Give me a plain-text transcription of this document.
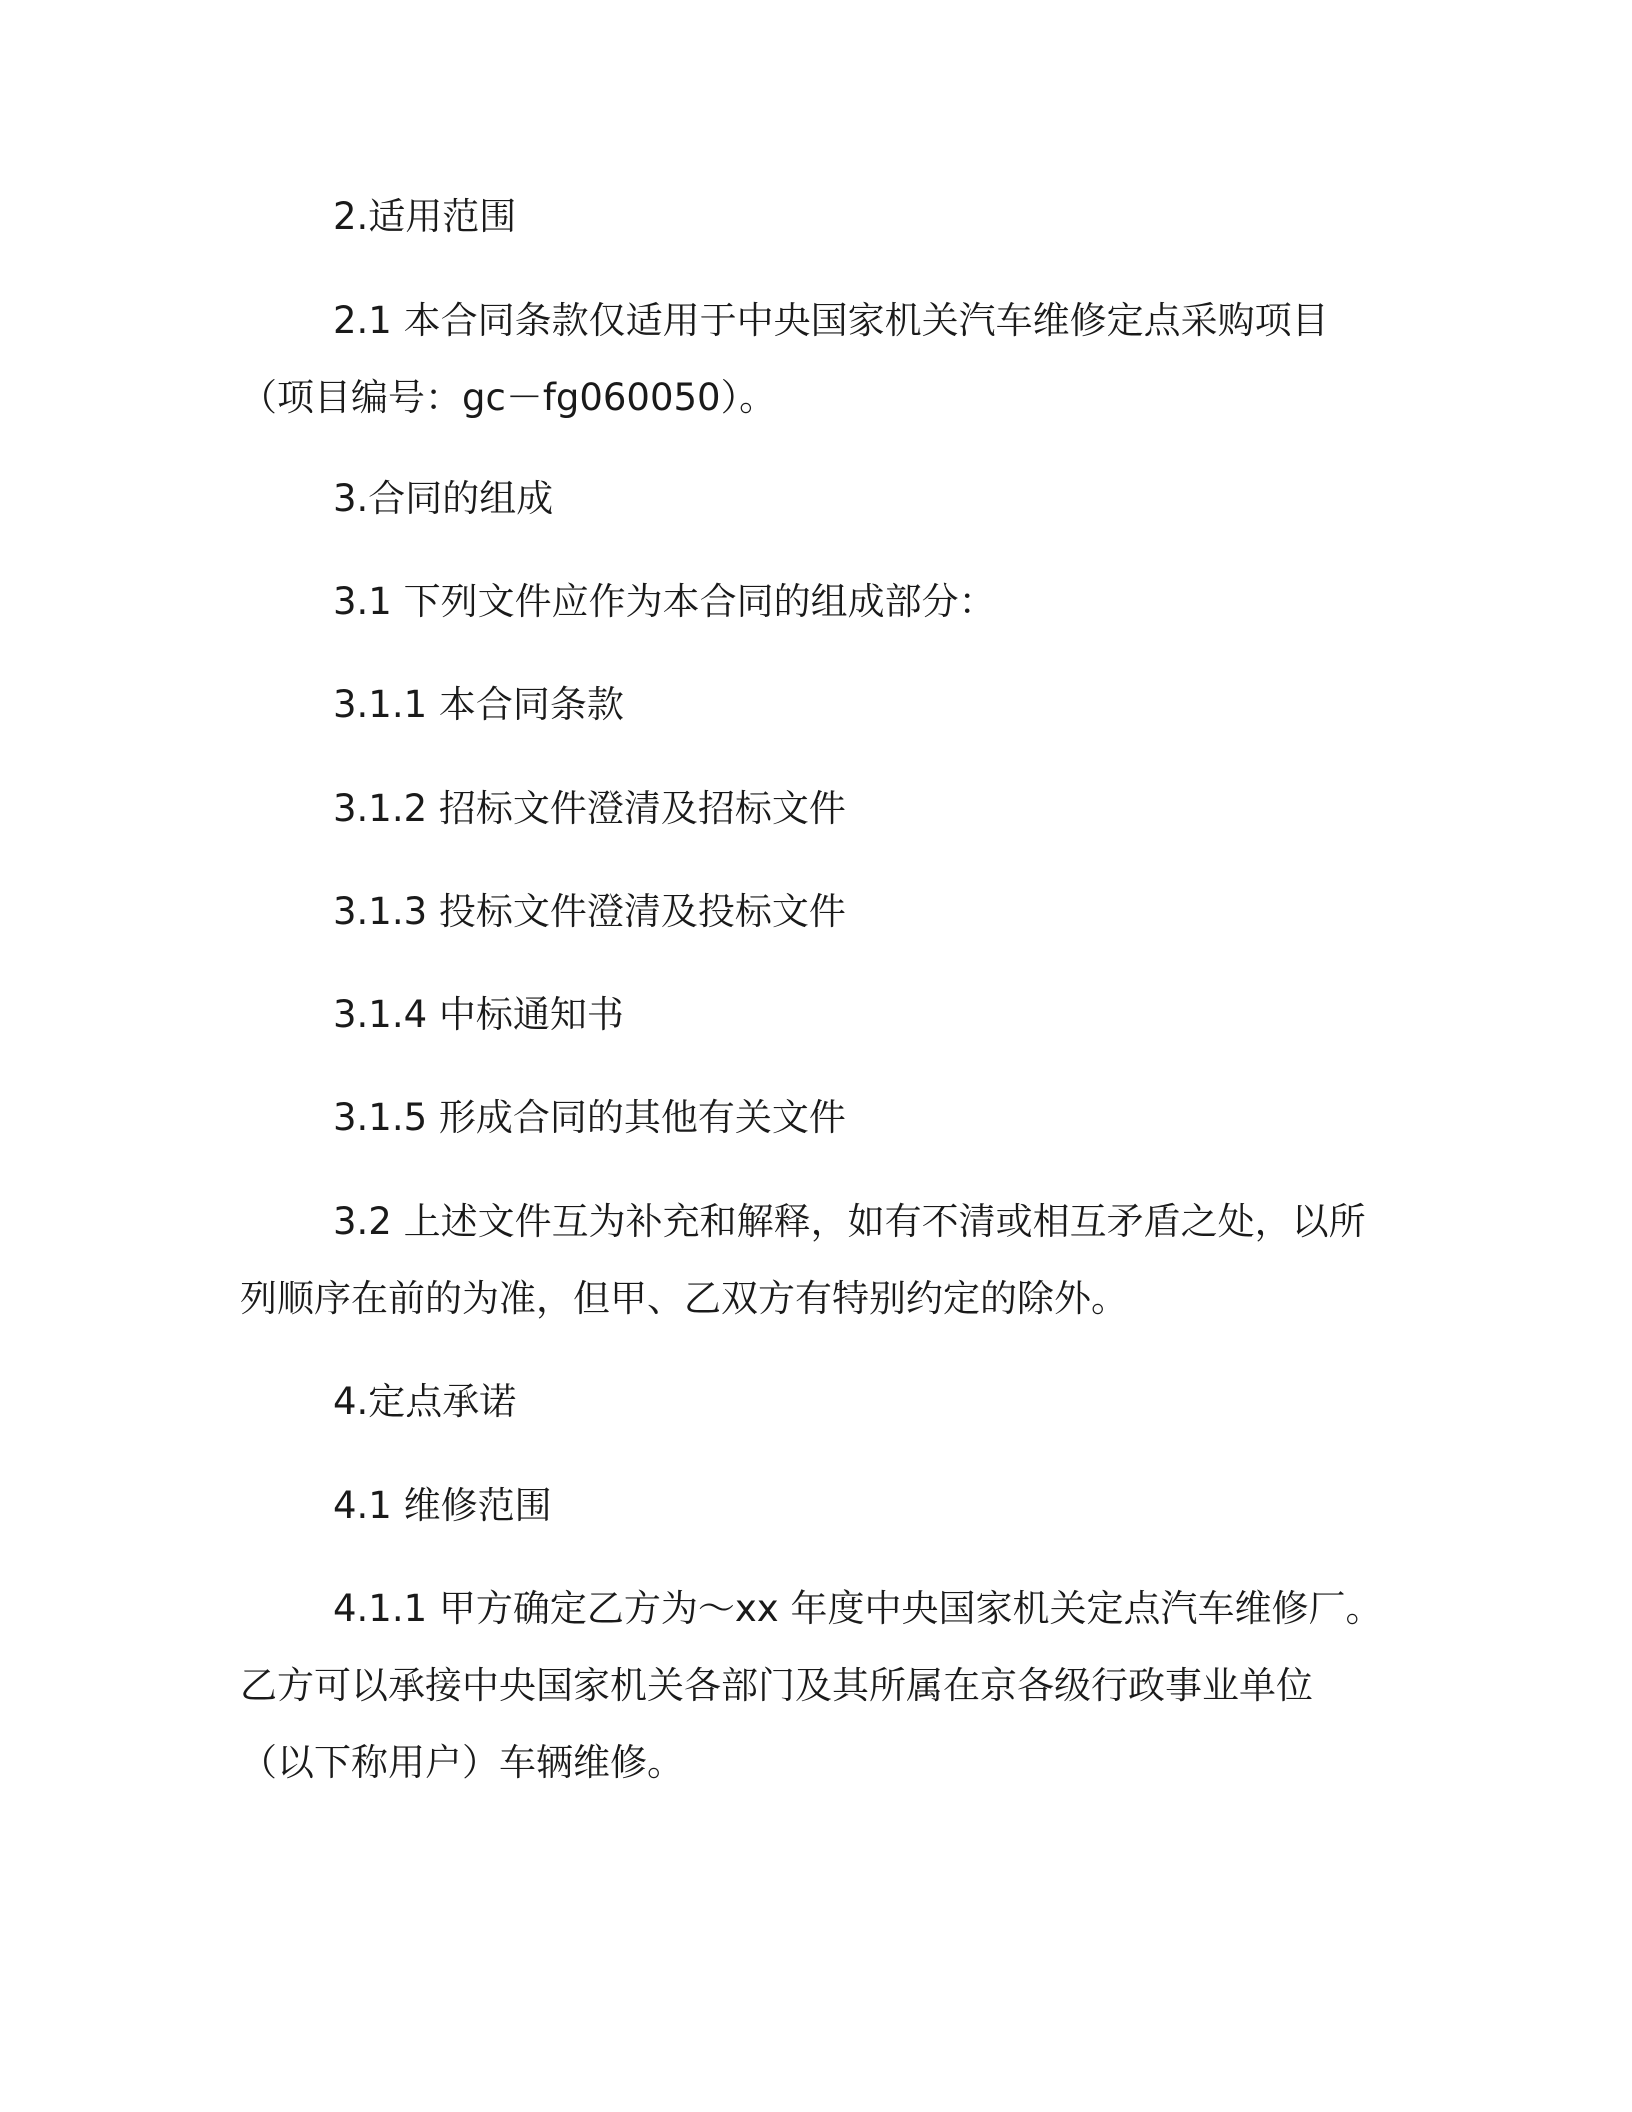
2.适用范围
2.1 本合同条款仅适用于中央国家机关汽车维修定点采购项目
（项目编号：gc－fg060050）。
3.合同的组成
3.1 下列文件应作为本合同的组成部分：
3.1.1 本合同条款
3.1.2 招标文件澄清及招标文件
3.1.3 投标文件澄清及投标文件
3.1.4 中标通知书
3.1.5 形成合同的其他有关文件
3.2 上述文件互为补充和解释，如有不清或相互矛盾之处，以所
列顺序在前的为准，但甲、乙双方有特别约定的除外。
4.定点承诺
4.1 维修范围
4.1.1 甲方确定乙方为～xx 年度中央国家机关定点汽车维修厂。
乙方可以承接中央国家机关各部门及其所属在京各级行政事业单位
（以下称用户）车辆维修。
